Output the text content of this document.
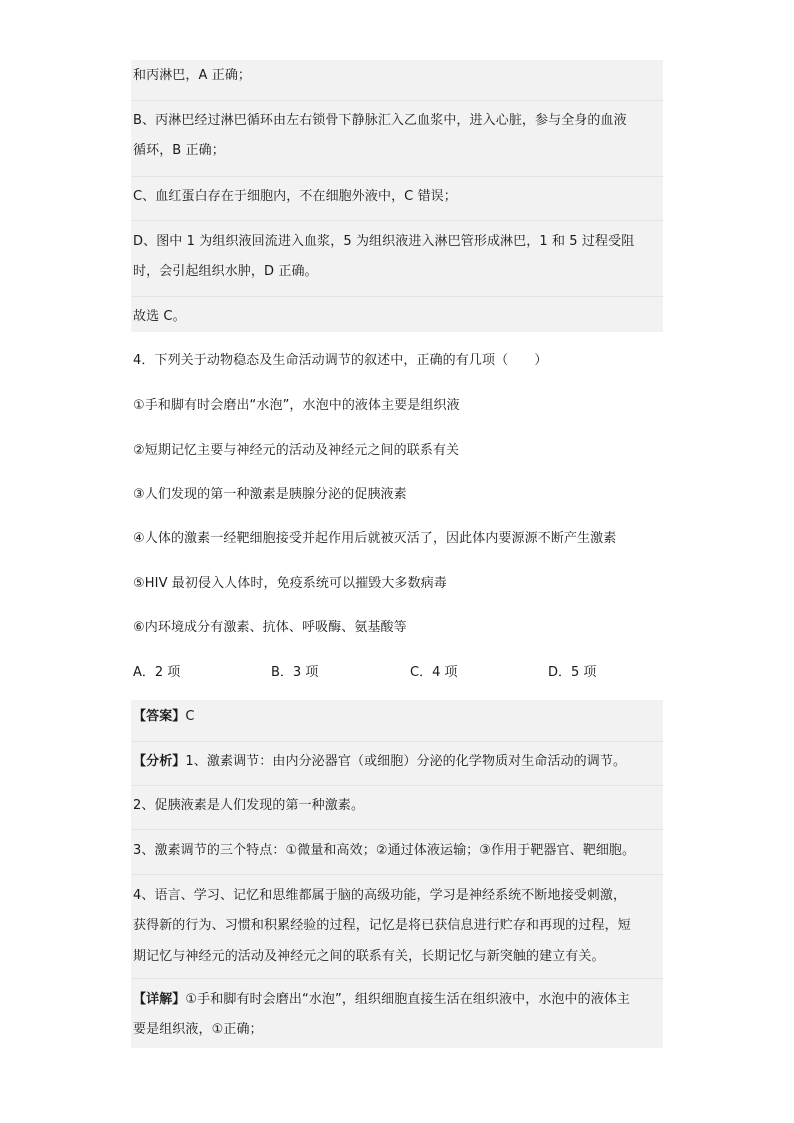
和丙淋巴，A 正确；
B、丙淋巴经过淋巴循环由左右锁骨下静脉汇入乙血浆中，进入心脏，参与全身的血液
循环，B 正确；
C、血红蛋白存在于细胞内，不在细胞外液中，C 错误；
D、图中 1 为组织液回流进入血浆，5 为组织液进入淋巴管形成淋巴，1 和 5 过程受阻
时，会引起组织水肿，D 正确。
故选 C。
4．下列关于动物稳态及生命活动调节的叙述中，正确的有几项（　　）
①手和脚有时会磨出“水泡”，水泡中的液体主要是组织液
②短期记忆主要与神经元的活动及神经元之间的联系有关
③人们发现的第一种激素是胰腺分泌的促胰液素
④人体的激素一经靶细胞接受并起作用后就被灭活了，因此体内要源源不断产生激素
⑤HIV 最初侵入人体时，免疫系统可以摧毁大多数病毒
⑥内环境成分有激素、抗体、呼吸酶、氨基酸等
A．2 项	B．3 项	C．4 项	D．5 项
【答案】C
【分析】1、激素调节：由内分泌器官（或细胞）分泌的化学物质对生命活动的调节。
2、促胰液素是人们发现的第一种激素。
3、激素调节的三个特点：①微量和高效；②通过体液运输；③作用于靶器官、靶细胞。
4、语言、学习、记忆和思维都属于脑的高级功能，学习是神经系统不断地接受刺激，
获得新的行为、习惯和积累经验的过程，记忆是将已获信息进行贮存和再现的过程，短
期记忆与神经元的活动及神经元之间的联系有关，长期记忆与新突触的建立有关。
【详解】①手和脚有时会磨出“水泡”，组织细胞直接生活在组织液中，水泡中的液体主
要是组织液，①正确；
